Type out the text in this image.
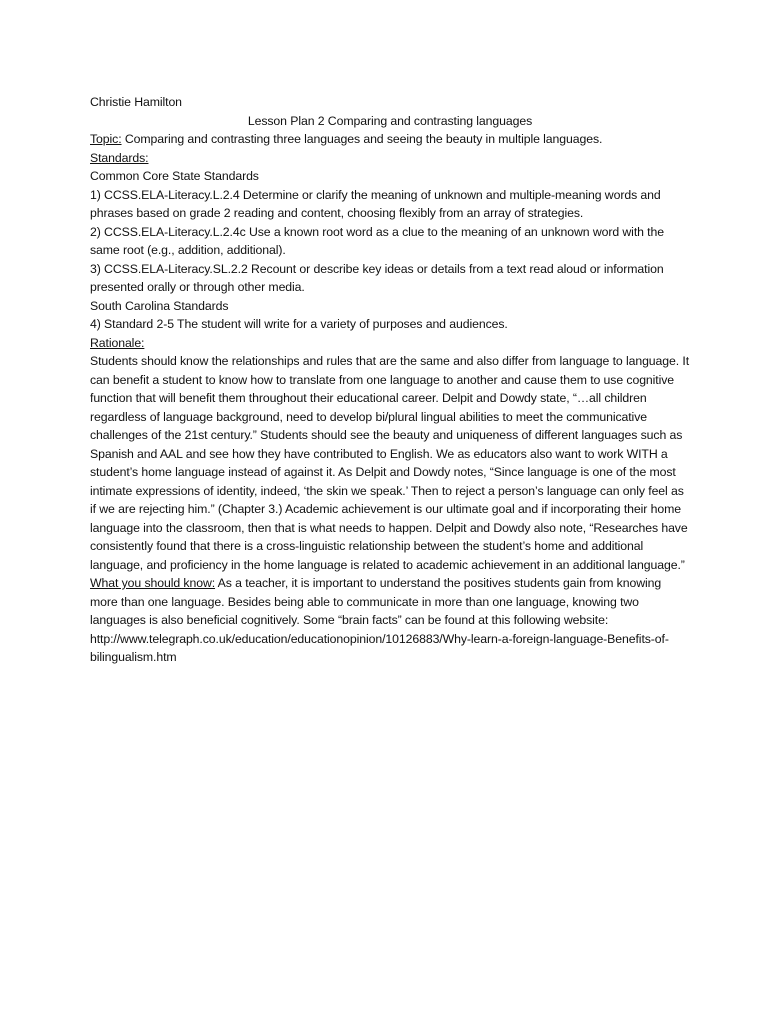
Christie Hamilton

Lesson Plan 2 Comparing and contrasting languages

Topic: Comparing and contrasting three languages and seeing the beauty in multiple languages.

Standards:

Common Core State Standards

1) CCSS.ELA-Literacy.L.2.4 Determine or clarify the meaning of unknown and multiple-meaning words and phrases based on grade 2 reading and content, choosing flexibly from an array of strategies.

2) CCSS.ELA-Literacy.L.2.4c Use a known root word as a clue to the meaning of an unknown word with the same root (e.g., addition, additional).

3) CCSS.ELA-Literacy.SL.2.2 Recount or describe key ideas or details from a text read aloud or information presented orally or through other media.

South Carolina Standards

4) Standard 2-5 The student will write for a variety of purposes and audiences.

Rationale:

Students should know the relationships and rules that are the same and also differ from language to language. It can benefit a student to know how to translate from one language to another and cause them to use cognitive function that will benefit them throughout their educational career. Delpit and Dowdy state, “…all children regardless of language background, need to develop bi/plural lingual abilities to meet the communicative challenges of the 21st century.” Students should see the beauty and uniqueness of different languages such as Spanish and AAL and see how they have contributed to English. We as educators also want to work WITH a student’s home language instead of against it. As Delpit and Dowdy notes, “Since language is one of the most intimate expressions of identity, indeed, ‘the skin we speak.’ Then to reject a person’s language can only feel as if we are rejecting him.” (Chapter 3.) Academic achievement is our ultimate goal and if incorporating their home language into the classroom, then that is what needs to happen. Delpit and Dowdy also note, “Researches have consistently found that there is a cross-linguistic relationship between the student’s home and additional language, and proficiency in the home language is related to academic achievement in an additional language.”

What you should know: As a teacher, it is important to understand the positives students gain from knowing more than one language. Besides being able to communicate in more than one language, knowing two languages is also beneficial cognitively. Some “brain facts” can be found at this following website: http://www.telegraph.co.uk/education/educationopinion/10126883/Why-learn-a-foreign-language-Benefits-of-bilingualism.htm
